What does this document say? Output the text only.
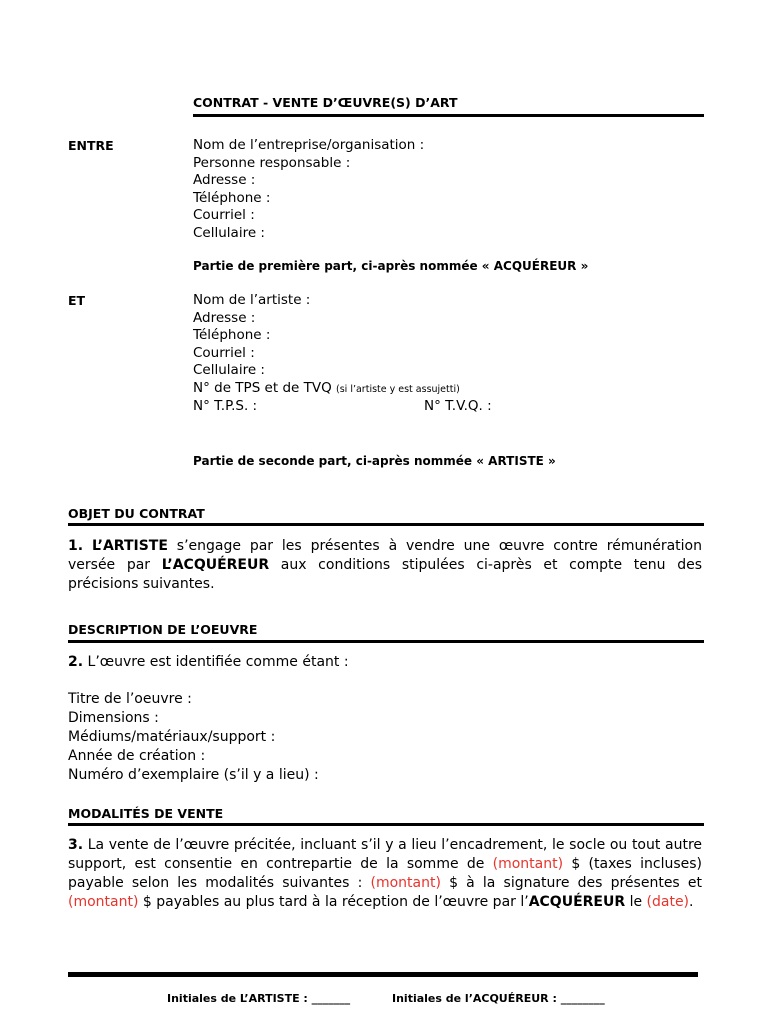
CONTRAT - VENTE D’ŒUVRE(S) D’ART
ENTRE	Nom de l’entreprise/organisation :
Personne responsable :
Adresse :
Téléphone :
Courriel :
Cellulaire :
Partie de première part, ci-après nommée « ACQUÉREUR »
ET	Nom de l’artiste :
Adresse :
Téléphone :
Courriel :
Cellulaire :
N° de TPS et de TVQ (si l’artiste y est assujetti)
N° T.P.S. :	N° T.V.Q. :
Partie de seconde part, ci-après nommée « ARTISTE »
OBJET DU CONTRAT
1. L’ARTISTE s’engage par les présentes à vendre une œuvre contre rémunération versée par L’ACQUÉREUR aux conditions stipulées ci-après et compte tenu des précisions suivantes.
DESCRIPTION DE L’OEUVRE
2. L’œuvre est identifiée comme étant :
Titre de l’oeuvre :
Dimensions :
Médiums/matériaux/support :
Année de création :
Numéro d’exemplaire (s’il y a lieu) :
MODALITÉS DE VENTE
3. La vente de l’œuvre précitée, incluant s’il y a lieu l’encadrement, le socle ou tout autre support, est consentie en contrepartie de la somme de (montant) $ (taxes incluses) payable selon les modalités suivantes : (montant) $ à la signature des présentes et (montant) $ payables au plus tard à la réception de l’œuvre par l’ACQUÉREUR le (date).
Initiales de L’ARTISTE : _______	Initiales de l’ACQUÉREUR : ________
